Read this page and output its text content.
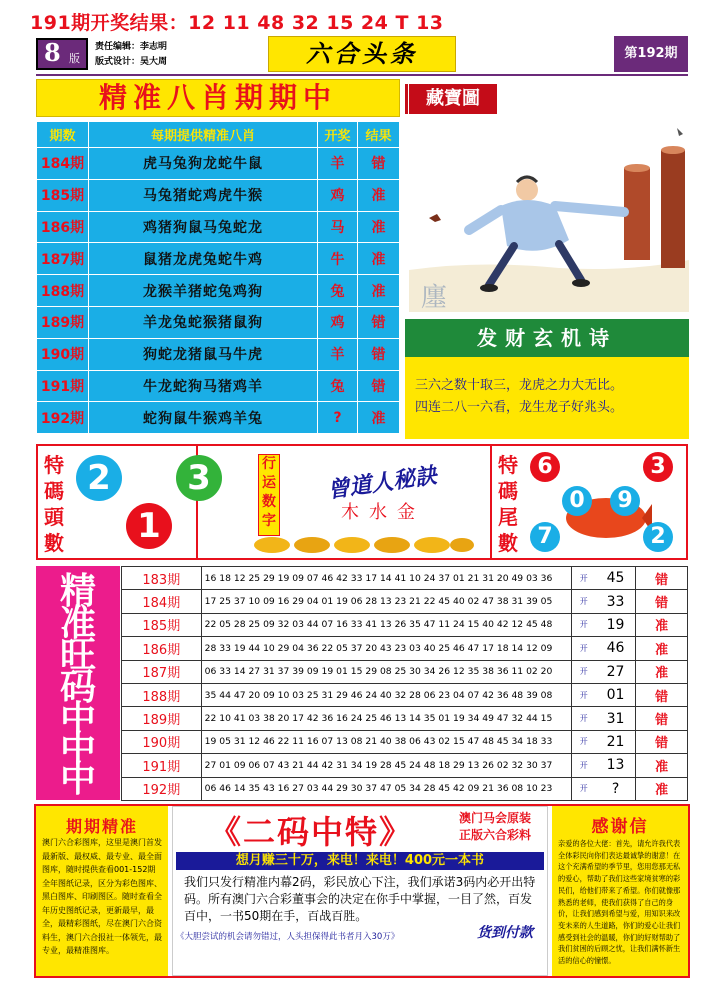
191期开奖结果：12 11 48 32 15 24 T 13
8 版
责任编辑：李志明
版式设计：吴大周	六合头条	第192期
精准八肖期期中	藏寶圖
期数	每期提供精准八肖	开奖	结果
184期	虎马兔狗龙蛇牛鼠	羊	错
185期	马兔猪蛇鸡虎牛猴	鸡	准
186期	鸡猪狗鼠马兔蛇龙	马	准
187期	鼠猪龙虎兔蛇牛鸡	牛	准
188期	龙猴羊猪蛇兔鸡狗	兔	准
189期	羊龙兔蛇猴猪鼠狗	鸡	错
190期	狗蛇龙猪鼠马牛虎	羊	错
191期	牛龙蛇狗马猪鸡羊	兔	错
192期	蛇狗鼠牛猴鸡羊兔	?	准
廛
发财玄机诗
三六之数十取三，龙虎之力大无比。
四连二八一六看，龙生龙子好兆头。
特
碼
頭
數
2	3
1
行
运
数
字
曾道人秘訣
木水金
特
碼
尾
數
6	3
0	9
7	2
精
准
旺
码
中
中
中
183期	16 18 12 25 29 19 09 07 46 42 33 17 14 41 10 24 37 01 21 31 20 49 03 36	开	45	错
184期	17 25 37 10 09 16 29 04 01 19 06 28 13 23 21 22 45 40 02 47 38 31 39 05	开	33	错
185期	22 05 28 25 09 32 03 44 07 16 33 41 13 26 35 47 11 24 15 40 42 12 45 48	开	19	准
186期	28 33 19 44 10 29 04 36 22 05 37 20 43 23 03 40 25 46 47 17 18 14 12 09	开	46	准
187期	06 33 14 27 31 37 39 09 19 01 15 29 08 25 30 34 26 12 35 38 36 11 02 20	开	27	准
188期	35 44 47 20 09 10 03 25 31 29 46 24 40 32 28 06 23 04 07 42 36 48 39 08	开	01	错
189期	22 10 41 03 38 20 17 42 36 16 24 25 46 13 14 35 01 19 34 49 47 32 44 15	开	31	错
190期	19 05 31 12 46 22 11 16 07 13 08 21 40 38 06 43 02 15 47 48 45 34 18 33	开	21	错
191期	27 01 09 06 07 43 21 44 42 31 34 19 28 45 24 48 18 29 13 26 02 32 30 37	开	13	准
192期	06 46 14 35 43 16 27 03 44 29 30 37 47 05 34 28 45 42 09 21 36 08 10 23	开	?	准
期期精准
澳门六合彩图库，这里是澳门首发最新版、最权威、最专业、最全面图库，随时提供查看001-152期全年图纸记录，区分为彩色图库、黑白图库、印刷图区。随时查看全年历史图纸记录，更新最早，最全，最精彩图纸，尽在澳门六合资料生，澳门六合报社一体领先，最专业，最精准图库。
《二码中特》	澳门马会原装
正版六合彩料
想月赚三十万，来电！来电！400元一本书
我们只发行精准内幕2码，彩民放心下注，我们承诺3码内必开出特码。所有澳门六合彩董事会的决定在你手中掌握，一目了然，百发百中，一书50期在手，百战百胜。
《大胆尝试的机会请勿错过，人头担保得此书者月入30万》	货到付款
感谢信
亲爱的各位大佬：首先，请允许我代表全体彩民向你们表达最诚挚的谢意！在这个充满希望的季节里，您用您那无私的爱心，帮助了我们这些家境贫寒的彩民们，给他们带来了希望。你们就像那熟悉的老师，使我们获得了自己的身价，让我们感到希望与爱，用知识来改变未来的人生道路，你们的爱心让我们感受到社会的温暖，你们的好财帮助了我们贫困的后顾之忧，让我们满怀新生活的信心的憧憬。
